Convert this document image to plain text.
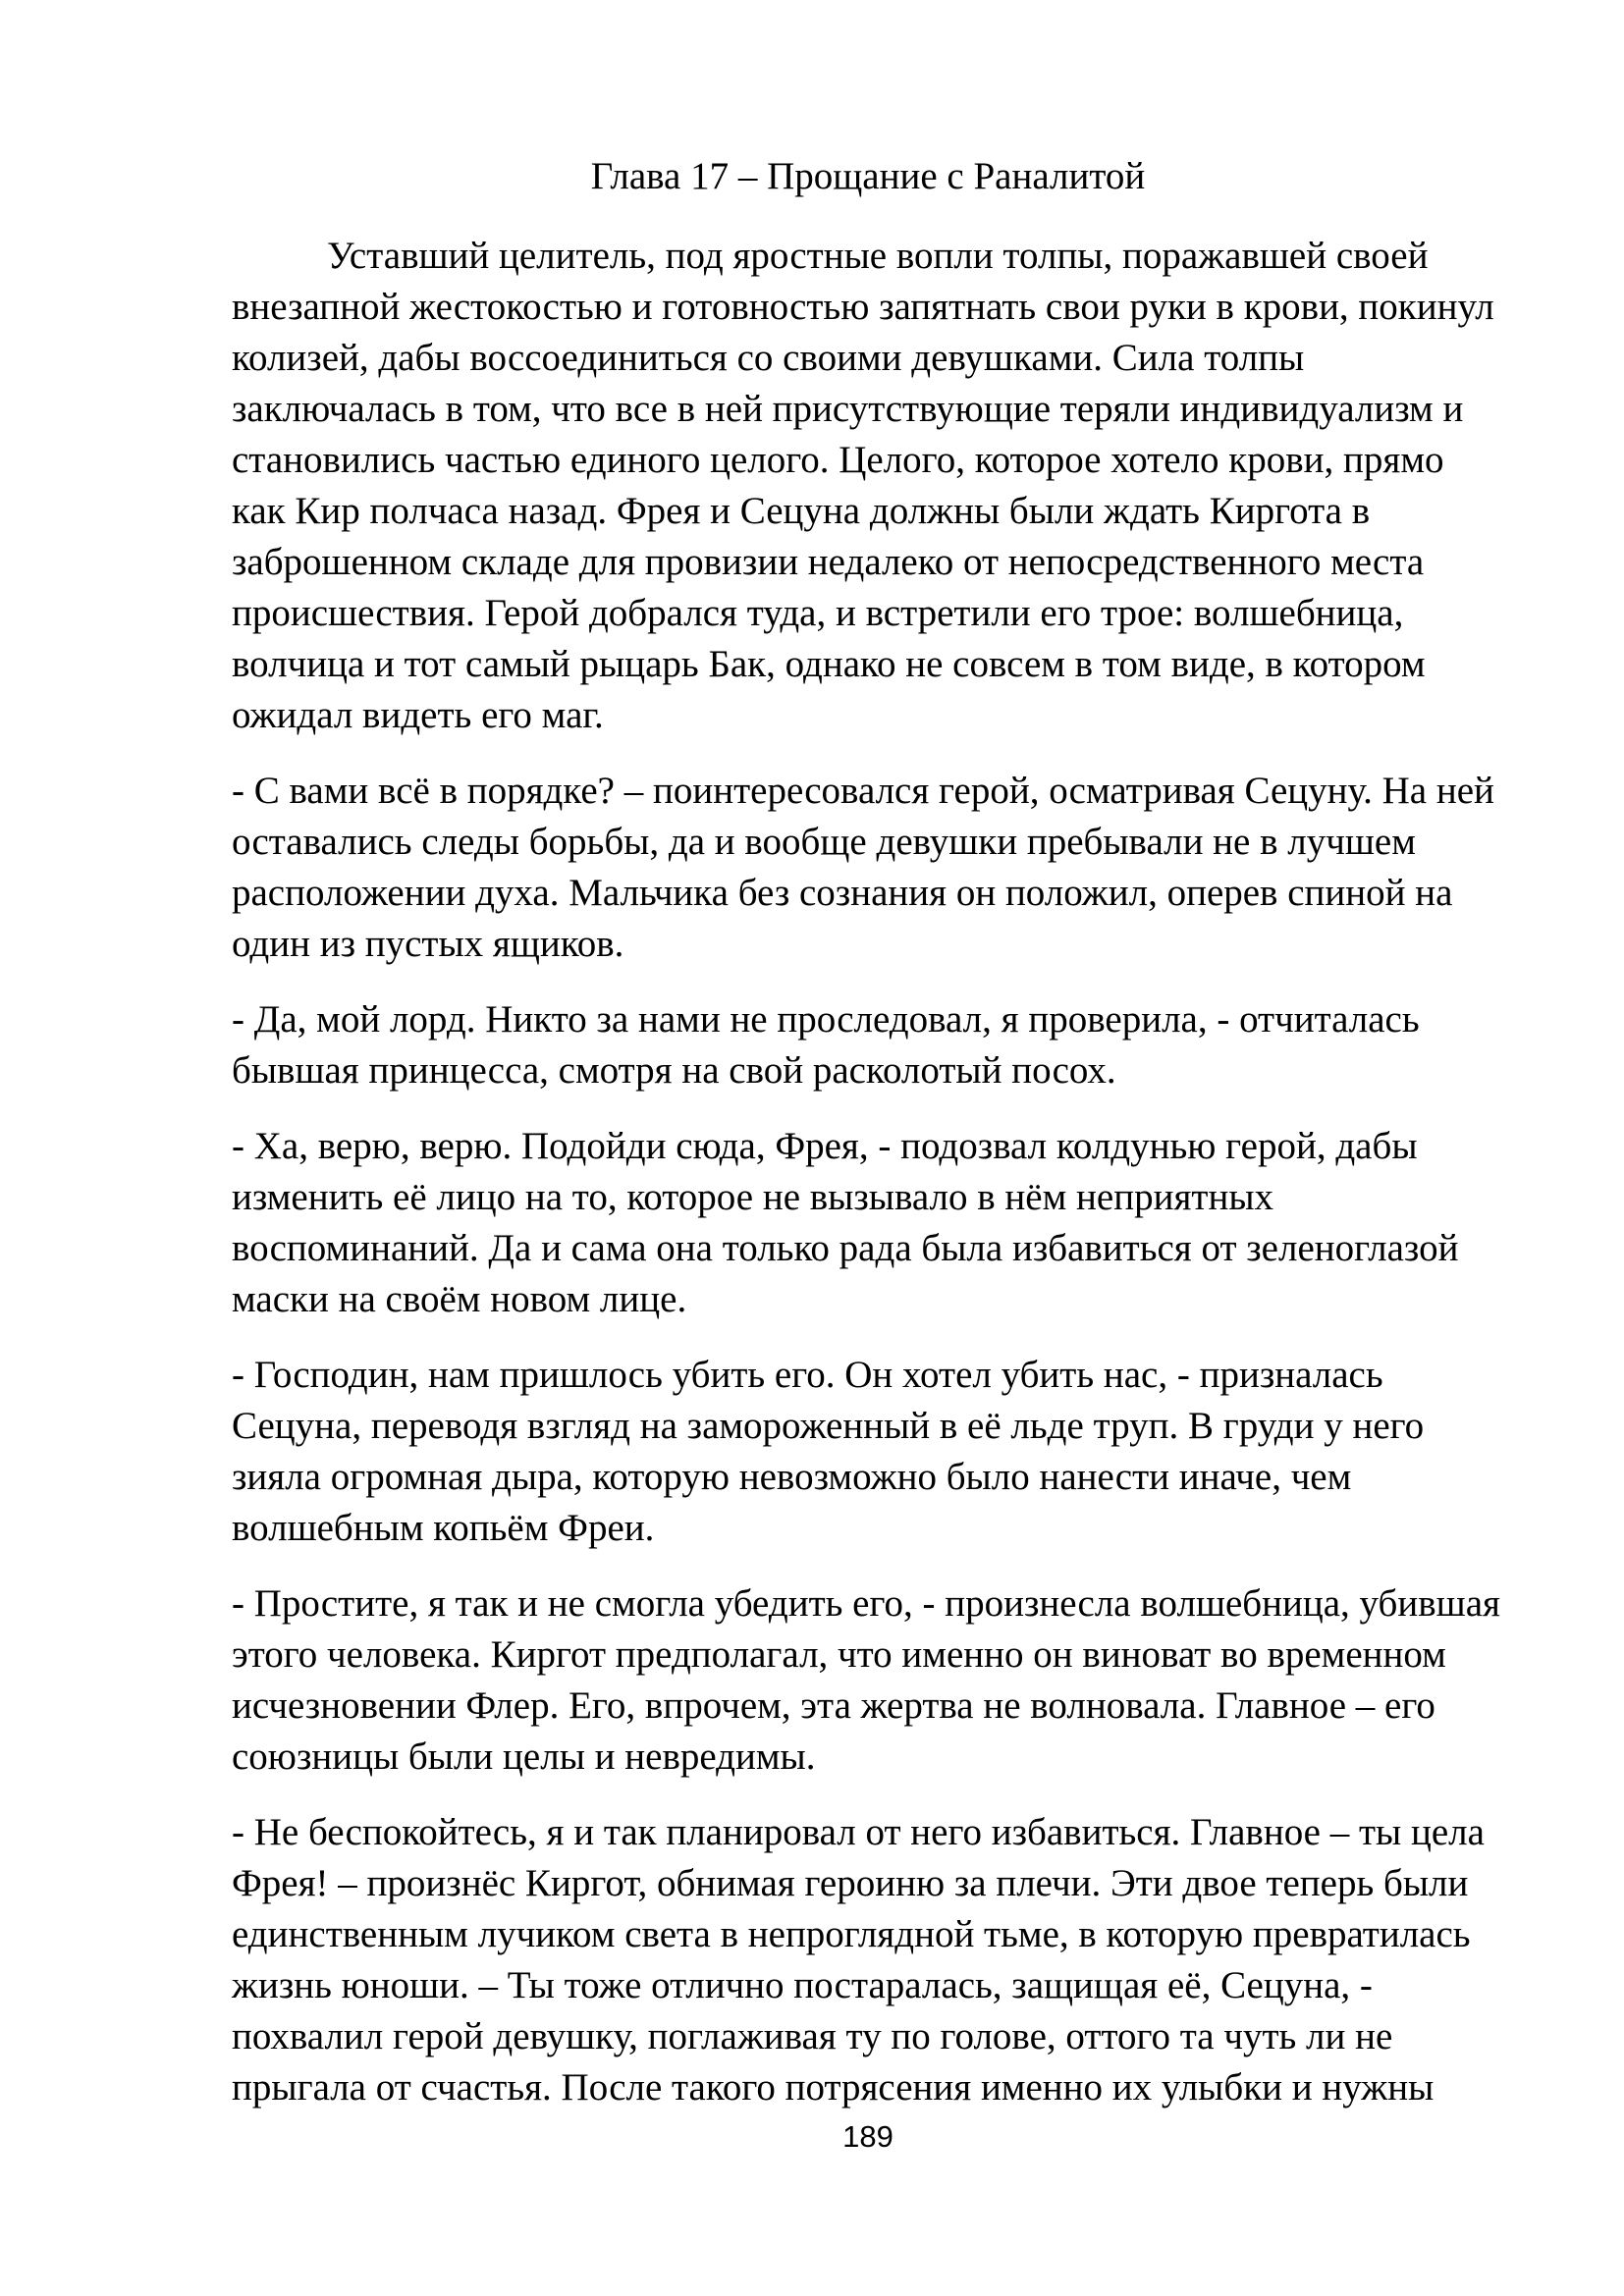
Глава 17 – Прощание с Раналитой

Уставший целитель, под яростные вопли толпы, поражавшей своей внезапной жестокостью и готовностью запятнать свои руки в крови, покинул колизей, дабы воссоединиться со своими девушками. Сила толпы заключалась в том, что все в ней присутствующие теряли индивидуализм и становились частью единого целого. Целого, которое хотело крови, прямо как Кир полчаса назад. Фрея и Сецуна должны были ждать Киргота в заброшенном складе для провизии недалеко от непосредственного места происшествия. Герой добрался туда, и встретили его трое: волшебница, волчица и тот самый рыцарь Бак, однако не совсем в том виде, в котором ожидал видеть его маг.

- С вами всё в порядке? – поинтересовался герой, осматривая Сецуну. На ней оставались следы борьбы, да и вообще девушки пребывали не в лучшем расположении духа. Мальчика без сознания он положил, оперев спиной на один из пустых ящиков.

- Да, мой лорд. Никто за нами не проследовал, я проверила, - отчиталась бывшая принцесса, смотря на свой расколотый посох.

- Ха, верю, верю. Подойди сюда, Фрея, - подозвал колдунью герой, дабы изменить её лицо на то, которое не вызывало в нём неприятных воспоминаний. Да и сама она только рада была избавиться от зеленоглазой маски на своём новом лице.

- Господин, нам пришлось убить его. Он хотел убить нас, - призналась Сецуна, переводя взгляд на замороженный в её льде труп. В груди у него зияла огромная дыра, которую невозможно было нанести иначе, чем волшебным копьём Фреи.

- Простите, я так и не смогла убедить его, - произнесла волшебница, убившая этого человека. Киргот предполагал, что именно он виноват во временном исчезновении Флер. Его, впрочем, эта жертва не волновала. Главное – его союзницы были целы и невредимы.

- Не беспокойтесь, я и так планировал от него избавиться. Главное – ты цела Фрея! – произнёс Киргот, обнимая героиню за плечи. Эти двое теперь были единственным лучиком света в непроглядной тьме, в которую превратилась жизнь юноши. – Ты тоже отлично постаралась, защищая её, Сецуна, - похвалил герой девушку, поглаживая ту по голове, оттого та чуть ли не прыгала от счастья. После такого потрясения именно их улыбки и нужны

189
